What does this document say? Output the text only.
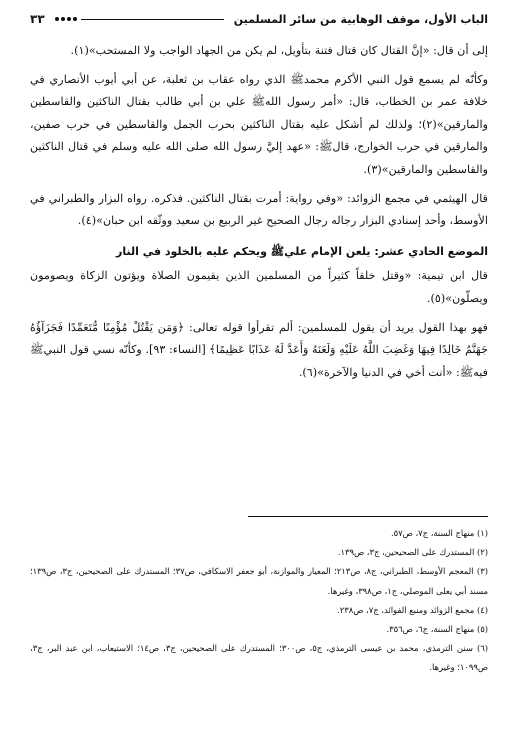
الباب الأول، موقف الوهابية من سائر المسلمين
٣٣

إلى أن قال: «إنَّ القتال كان قتال فتنة بتأويل، لم يكن من الجهاد الواجب ولا المستحب»(١).

وكأنّه لم يسمع قول النبي الأكرم محمدﷺ الذي رواه عقاب بن ثعلبة، عن أبي أيوب الأنصاري في خلافة عمر بن الخطاب، قال: «أمر رسول اللهﷺ علي بن أبي طالب بقتال الناكثين والقاسطين والمارقين»(٢)؛ ولذلك لم أشكل عليه بقتال الناكثين بحرب الجمل والقاسطين في حرب صفين، والمارقين في حرب الخوارج، قالﷺ: «عهد إليَّ رسول الله صلى الله عليه وسلم في قتال الناكثين والقاسطين والمارقين»(٣).

قال الهيثمي في مجمع الزوائد: «وفي رواية: أمرت بقتال الناكثين. فذكره. رواه البزار والطبراني في الأوسط، وأحد إسنادي البزار رجاله رجال الصحيح غير الربيع بن سعيد ووثّقه ابن حبان»(٤).

الموضع الحادي عشر: يلعن الإمام عليﷺ ويحكم عليه بالخلود في النار

قال ابن تيمية: «وقتل خلقاً كثيراً من المسلمين الذين يقيمون الصلاة ويؤتون الزكاة ويصومون ويصلّون»(٥).

فهو بهذا القول يريد أن يقول للمسلمين: ألم تقرأوا قوله تعالى: ﴿وَمَن يَقْتُلْ مُؤْمِنًا مُّتَعَمِّدًا فَجَزَآؤُهُ جَهَنَّمُ خَالِدًا فِيهَا وَغَضِبَ اللَّهُ عَلَيْهِ وَلَعَنَهُ وَأَعَدَّ لَهُ عَذَابًا عَظِيمًا﴾ [النساء: ٩٣]. وكأنّه نسي قول النبيﷺ فيهﷺ: «أنت أخي في الدنيا والآخرة»(٦).

(١) منهاج السنة، ج٧، ص٥٧.

(٢) المستدرك على الصحيحين، ج٣، ص١٣٩.

(٣) المعجم الأوسط، الطبراني، ج٨، ص٢١٣؛ المعيار والموازنة، أبو جعفر الاسكافي، ص٣٧؛ المستدرك على الصحيحين، ج٣، ص١٣٩؛ مسند أبي يعلى الموصلي، ج١، ص٣٩٨، وغيرها.

(٤) مجمع الزوائد ومنبع الفوائد، ج٧، ص٢٣٨.

(٥) منهاج السنة، ج٦، ص٣٥٦.

(٦) سنن الترمذي، محمد بن عيسى الترمذي، ج٥، ص٣٠٠؛ المستدرك على الصحيحين، ج٣، ص١٤؛ الاستيعاب، ابن عبد البر، ج٣، ص١٠٩٩؛ وغيرها.
